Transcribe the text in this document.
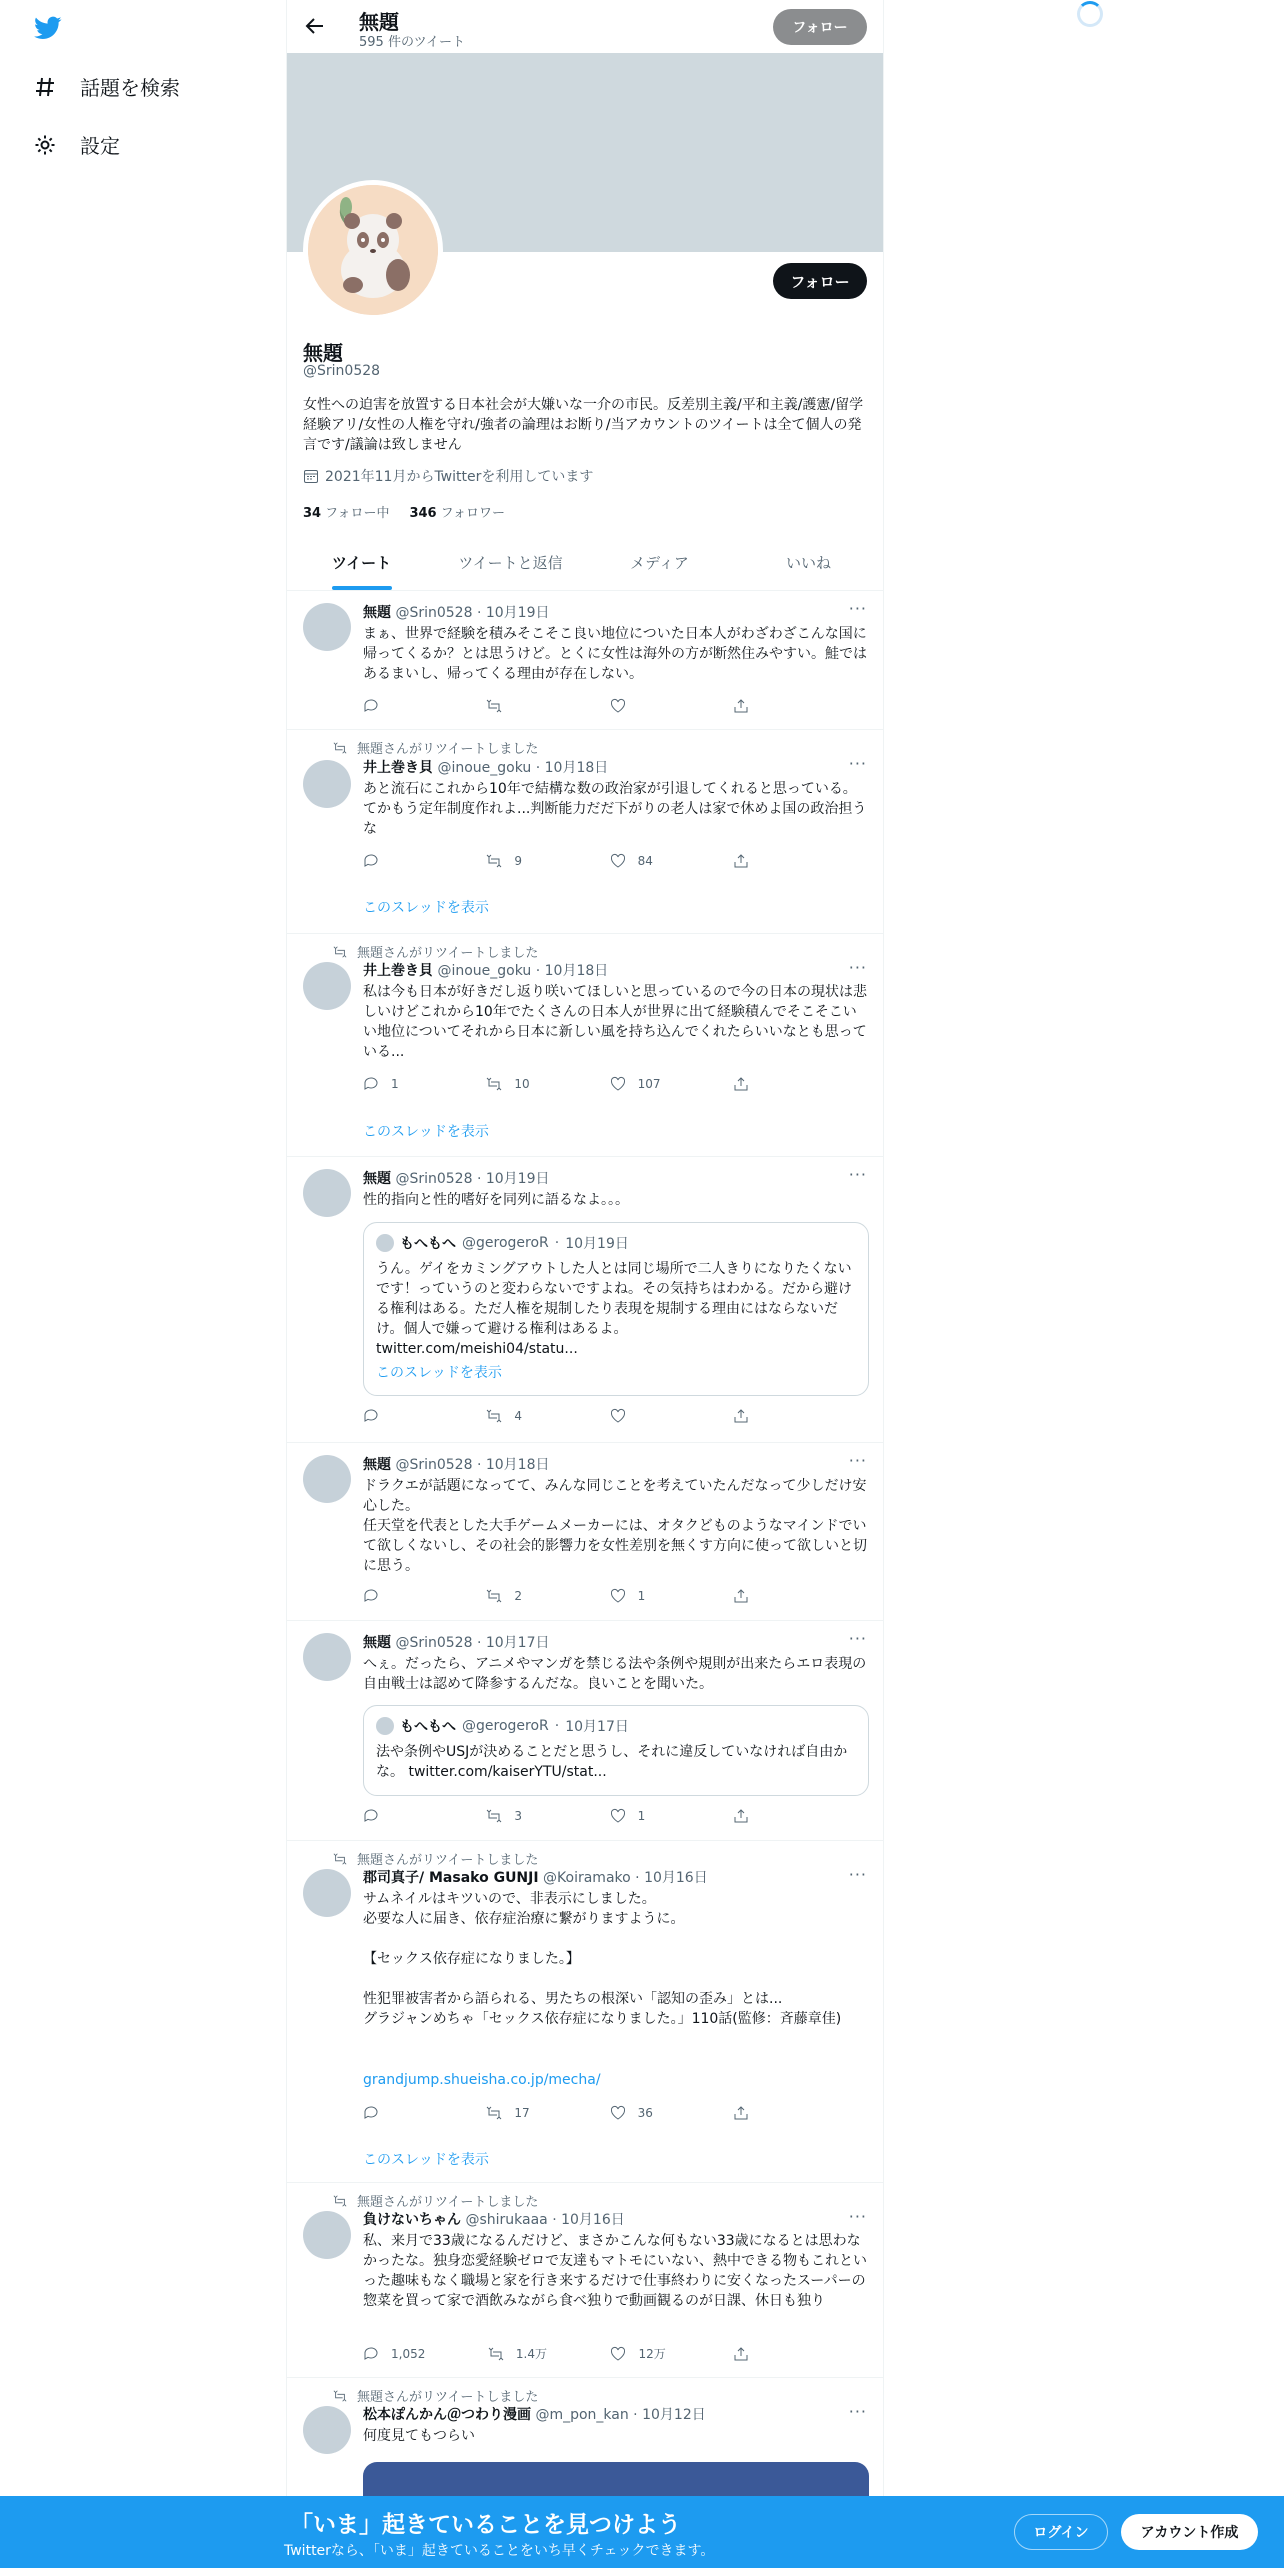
話題を検索
設定
無題
595 件のツイート
フォロー
フォロー
無題
@Srin0528
女性への迫害を放置する日本社会が大嫌いな一介の市民。反差別主義/平和主義/護憲/留学経験アリ/女性の人権を守れ/強者の論理はお断り/当アカウントのツイートは全て個人の発言です/議論は致しません
2021年11月からTwitterを利用しています
34 フォロー中 346 フォロワー
ツイート	ツイートと返信	メディア	いいね
無題 @Srin0528 · 10月19日	···
まぁ、世界で経験を積みそこそこ良い地位についた日本人がわざわざこんな国に帰ってくるか？とは思うけど。とくに女性は海外の方が断然住みやすい。鮭ではあるまいし、帰ってくる理由が存在しない。
無題さんがリツイートしました
井上巻き貝 @inoue_goku · 10月18日	···
あと流石にこれから10年で結構な数の政治家が引退してくれると思っている。てかもう定年制度作れよ...判断能力だだ下がりの老人は家で休めよ国の政治担うな
9	84
このスレッドを表示
無題さんがリツイートしました
井上巻き貝 @inoue_goku · 10月18日	···
私は今も日本が好きだし返り咲いてほしいと思っているので今の日本の現状は悲しいけどこれから10年でたくさんの日本人が世界に出て経験積んでそこそこいい地位についてそれから日本に新しい風を持ち込んでくれたらいいなとも思っている...
1	10	107
このスレッドを表示
無題 @Srin0528 · 10月19日	···
性的指向と性的嗜好を同列に語るなよ。。。
もへもへ @gerogeroR · 10月19日
うん。ゲイをカミングアウトした人とは同じ場所で二人きりになりたくないです！っていうのと変わらないですよね。その気持ちはわかる。だから避ける権利はある。ただ人権を規制したり表現を規制する理由にはならないだけ。個人で嫌って避ける権利はあるよ。
twitter.com/meishi04/statu...
このスレッドを表示
4
無題 @Srin0528 · 10月18日	···
ドラクエが話題になってて、みんな同じことを考えていたんだなって少しだけ安心した。
任天堂を代表とした大手ゲームメーカーには、オタクどものようなマインドでいて欲しくないし、その社会的影響力を女性差別を無くす方向に使って欲しいと切に思う。
2	1
無題 @Srin0528 · 10月17日	···
へぇ。だったら、アニメやマンガを禁じる法や条例や規則が出来たらエロ表現の自由戦士は認めて降参するんだな。良いことを聞いた。
もへもへ @gerogeroR · 10月17日
法や条例やUSJが決めることだと思うし、それに違反していなければ自由かな。 twitter.com/kaiserYTU/stat...
3	1
無題さんがリツイートしました
郡司真子/ Masako GUNJI @Koiramako · 10月16日	···
サムネイルはキツいので、非表示にしました。
必要な人に届き、依存症治療に繋がりますように。

【セックス依存症になりました。】

性犯罪被害者から語られる、男たちの根深い「認知の歪み」とは...
グラジャンめちゃ「セックス依存症になりました。」110話(監修：斉藤章佳)
grandjump.shueisha.co.jp/mecha/
17	36
このスレッドを表示
無題さんがリツイートしました
負けないちゃん @shirukaaa · 10月16日	···
私、来月で33歳になるんだけど、まさかこんな何もない33歳になるとは思わなかったな。独身恋愛経験ゼロで友達もマトモにいない、熱中できる物もこれといった趣味もなく職場と家を行き来するだけで仕事終わりに安くなったスーパーの惣菜を買って家で酒飲みながら食べ独りで動画観るのが日課、休日も独り
1,052	1.4万	12万
無題さんがリツイートしました
松本ぽんかん＠つわり漫画 @m_pon_kan · 10月12日	···
何度見てもつらい
「いま」起きていることを見つけよう
Twitterなら、「いま」起きていることをいち早くチェックできます。
ログイン	アカウント作成
